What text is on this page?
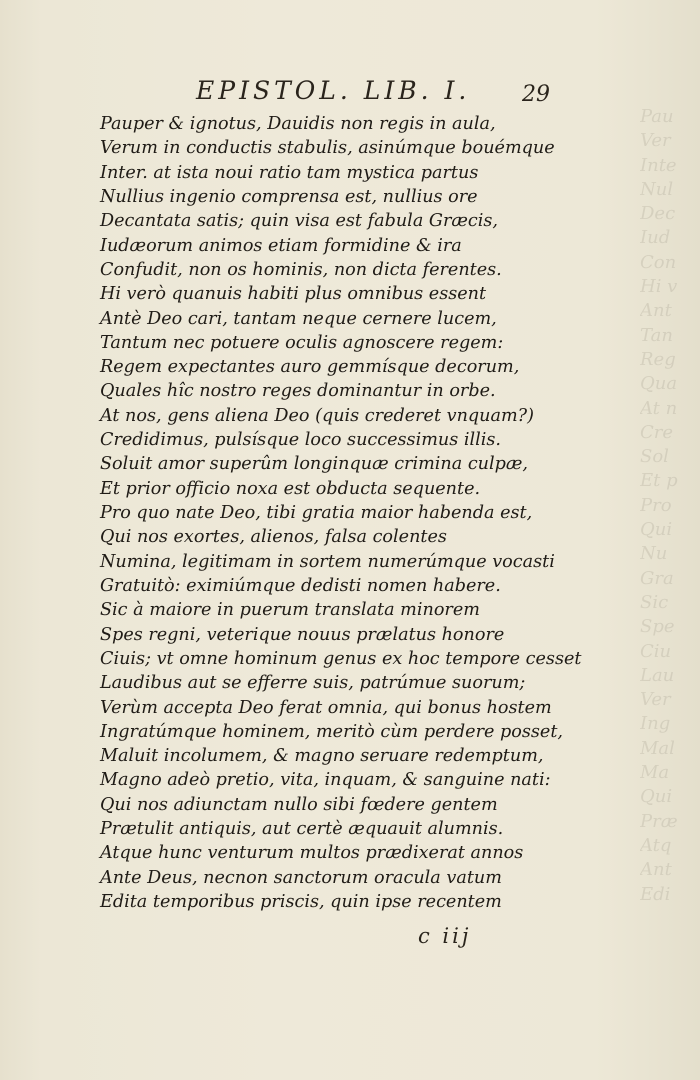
Pau
Ver
Inte
Nul
Dec
Iud
Con
Hi v
Ant
Tan
Reg
Qua
At n
Cre
Sol
Et p
Pro
Qui
Nu
Gra
Sic
Spe
Ciu
Lau
Ver
Ing
Mal
Ma
Qui
Præ
Atq
Ant
Edi
EPISTOL. LIB. I. 29
Pauper & ignotus, Dauidis non regis in aula,
Verum in conductis stabulis, asinúmque bouémque
Inter. at ista noui ratio tam mystica partus
Nullius ingenio comprensa est, nullius ore
Decantata satis; quin visa est fabula Græcis,
Iudæorum animos etiam formidine & ira
Confudit, non os hominis, non dicta ferentes.
Hi verò quanuis habiti plus omnibus essent
Antè Deo cari, tantam neque cernere lucem,
Tantum nec potuere oculis agnoscere regem:
Regem expectantes auro gemmísque decorum,
Quales hîc nostro reges dominantur in orbe.
At nos, gens aliena Deo (quis crederet vnquam?)
Credidimus, pulsísque loco successimus illis.
Soluit amor superûm longinquæ crimina culpæ,
Et prior officio noxa est obducta sequente.
Pro quo nate Deo, tibi gratia maior habenda est,
Qui nos exortes, alienos, falsa colentes
Numina, legitimam in sortem numerúmque vocasti
Gratuitò: eximiúmque dedisti nomen habere.
Sic à maiore in puerum translata minorem
Spes regni, veterique nouus prælatus honore
Ciuis; vt omne hominum genus ex hoc tempore cesset
Laudibus aut se efferre suis, patrúmue suorum;
Verùm accepta Deo ferat omnia, qui bonus hostem
Ingratúmque hominem, meritò cùm perdere posset,
Maluit incolumem, & magno seruare redemptum,
Magno adeò pretio, vita, inquam, & sanguine nati:
Qui nos adiunctam nullo sibi fœdere gentem
Prætulit antiquis, aut certè æquauit alumnis.
Atque hunc venturum multos prædixerat annos
Ante Deus, necnon sanctorum oracula vatum
Edita temporibus priscis, quin ipse recentem
c iij
